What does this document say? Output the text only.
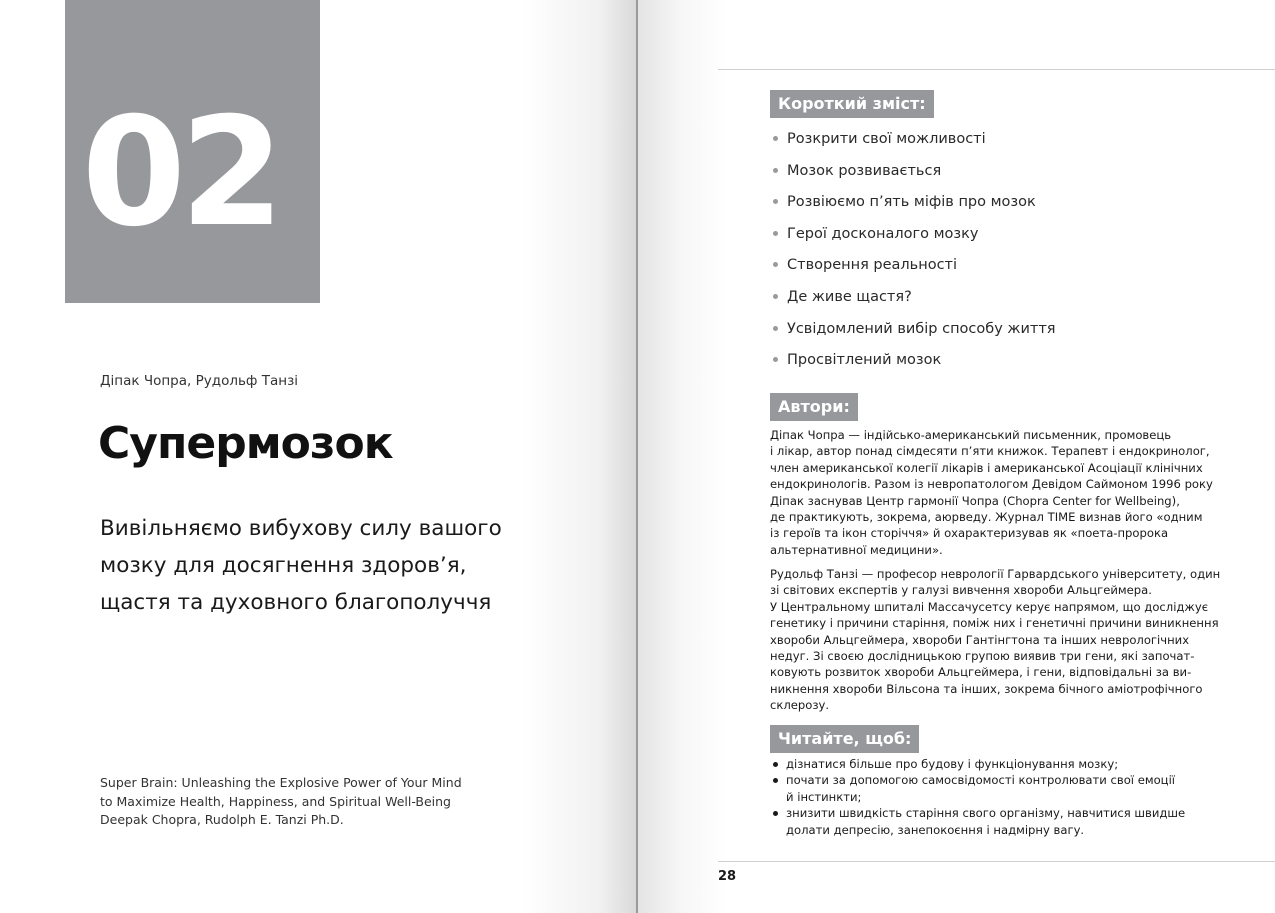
02
Діпак Чопра, Рудольф Танзі
Супермозок
Вивільняємо вибухову силу вашого
мозку для досягнення здоров’я,
щастя та духовного благополуччя
Super Brain: Unleashing the Explosive Power of Your Mind
to Maximize Health, Happiness, and Spiritual Well-Being
Deepak Chopra, Rudolph E. Tanzi Ph.D.
Короткий зміст:
Розкрити свої можливості
Мозок розвивається
Розвіюємо п’ять міфів про мозок
Герої досконалого мозку
Створення реальності
Де живе щастя?
Усвідомлений вибір способу життя
Просвітлений мозок
Автори:
Діпак Чопра — індійсько-американський письменник, промовець
і лікар, автор понад сімдесяти п’яти книжок. Терапевт і ендокринолог,
член американської колегії лікарів і американської Асоціації клінічних
ендокринологів. Разом із невропатологом Девідом Саймоном 1996 року
Діпак заснував Центр гармонії Чопра (Chopra Center for Wellbeing),
де практикують, зокрема, аюрведу. Журнал TIME визнав його «одним
із героїв та ікон сторіччя» й охарактеризував як «поета-пророка
альтернативної медицини».
Рудольф Танзі — професор неврології Гарвардського університету, один
зі світових експертів у галузі вивчення хвороби Альцгеймера.
У Центральному шпиталі Массачусетсу керує напрямом, що досліджує
генетику і причини старіння, поміж них і генетичні причини виникнення
хвороби Альцгеймера, хвороби Гантінгтона та інших неврологічних
недуг. Зі своєю дослідницькою групою виявив три гени, які започат-
ковують розвиток хвороби Альцгеймера, і гени, відповідальні за ви-
никнення хвороби Вільсона та інших, зокрема бічного аміотрофічного
склерозу.
Читайте, щоб:
дізнатися більше про будову і функціонування мозку;
почати за допомогою самосвідомості контролювати свої емоції
й інстинкти;
знизити швидкість старіння свого організму, навчитися швидше
долати депресію, занепокоєння і надмірну вагу.
28
